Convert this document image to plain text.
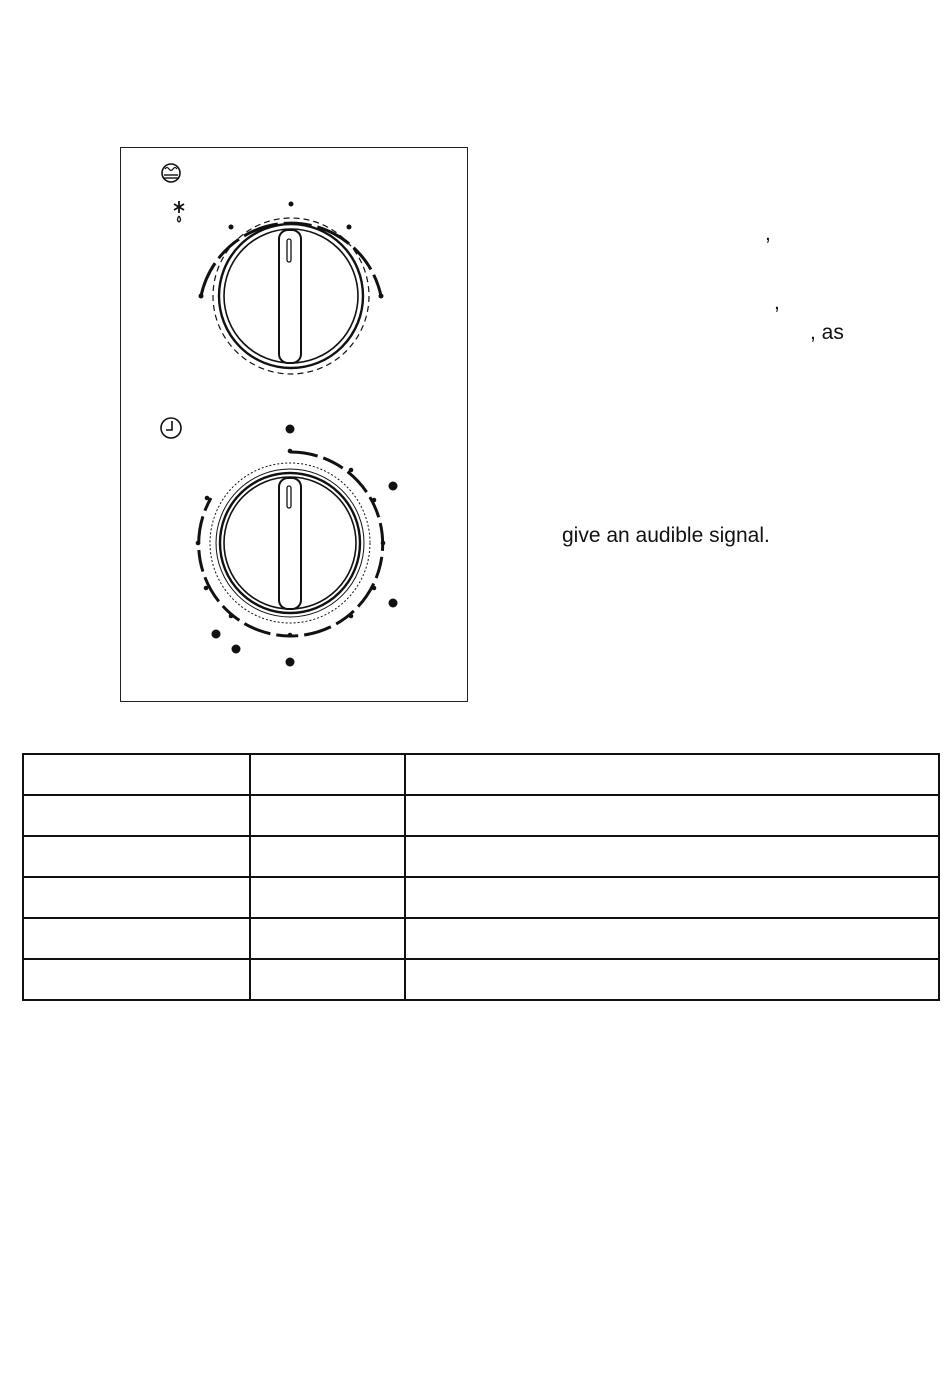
,
,
, as
give an audible signal.
